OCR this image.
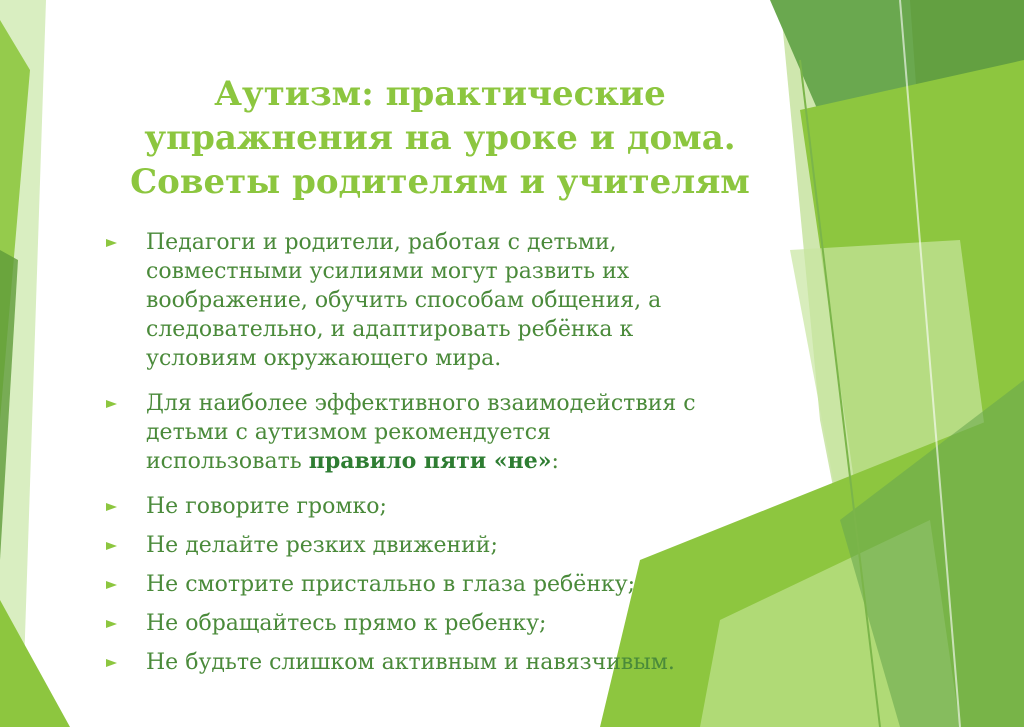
Аутизм: практические
упражнения на уроке и дома.
Советы родителям и учителям
Педагоги и родители, работая с детьми,
совместными усилиями могут развить их
воображение, обучить способам общения, а
следовательно, и адаптировать ребёнка к
условиям окружающего мира.
Для наиболее эффективного взаимодействия с
детьми с аутизмом рекомендуется
использовать правило пяти «не»:
Не говорите громко;
Не делайте резких движений;
Не смотрите пристально в глаза ребёнку;
Не обращайтесь прямо к ребенку;
Не будьте слишком активным и навязчивым.
